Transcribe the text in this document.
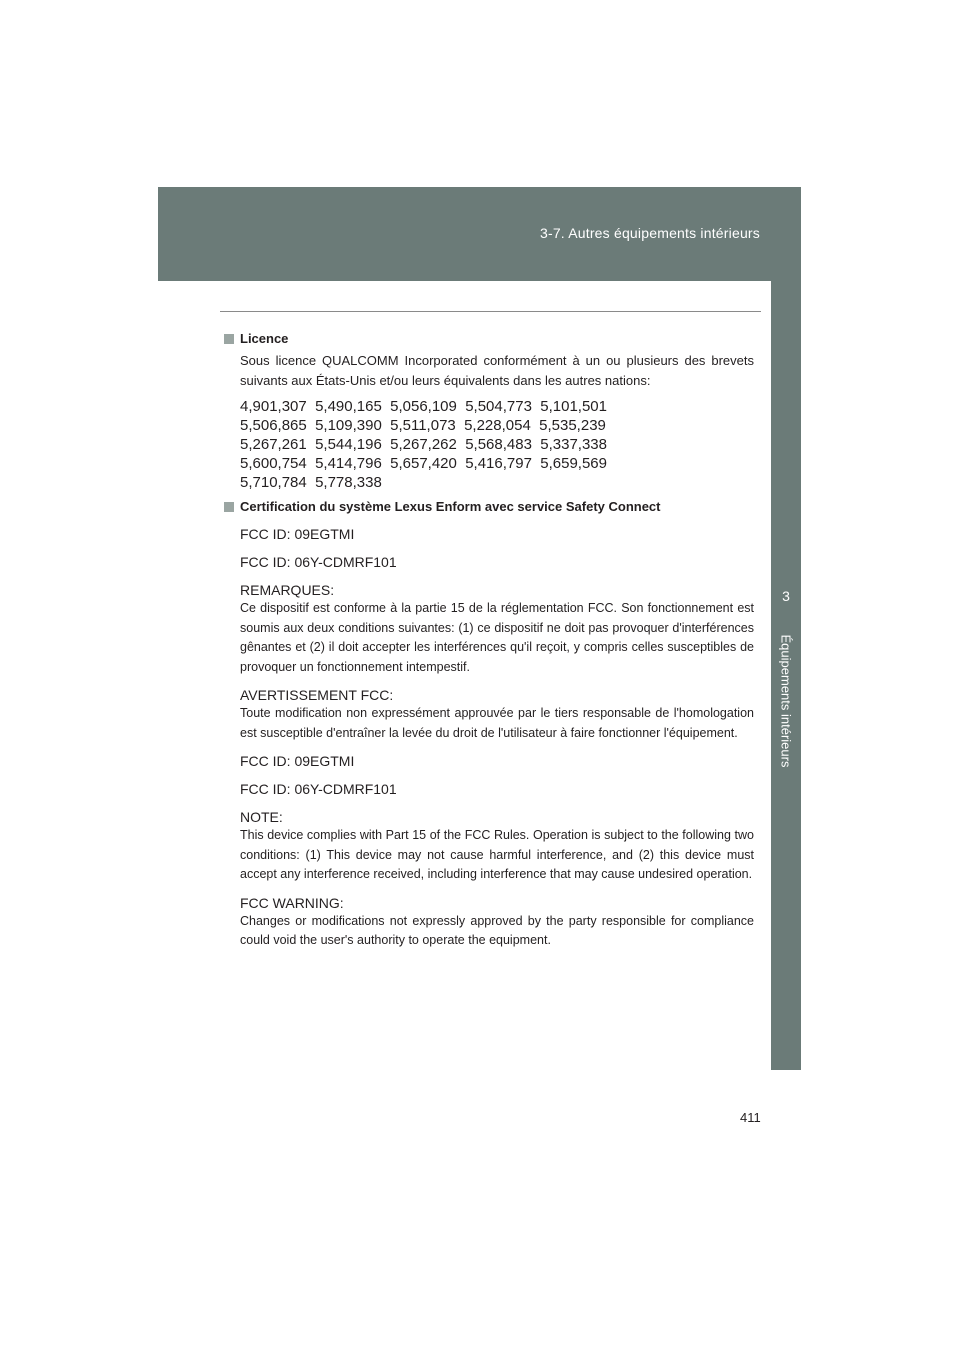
3-7. Autres équipements intérieurs
3
Équipements intérieurs
Licence

Sous licence QUALCOMM Incorporated conformément à un ou plusieurs des brevets suivants aux États-Unis et/ou leurs équivalents dans les autres nations:

4,901,307  5,490,165  5,056,109  5,504,773  5,101,501
5,506,865  5,109,390  5,511,073  5,228,054  5,535,239
5,267,261  5,544,196  5,267,262  5,568,483  5,337,338
5,600,754  5,414,796  5,657,420  5,416,797  5,659,569
5,710,784  5,778,338
Certification du système Lexus Enform avec service Safety Connect

FCC ID: 09EGTMI

FCC ID: 06Y-CDMRF101

REMARQUES:

Ce dispositif est conforme à la partie 15 de la réglementation FCC. Son fonctionnement est soumis aux deux conditions suivantes: (1) ce dispositif ne doit pas provoquer d'interférences gênantes et (2) il doit accepter les interférences qu'il reçoit, y compris celles susceptibles de provoquer un fonctionnement intempestif.

AVERTISSEMENT FCC:

Toute modification non expressément approuvée par le tiers responsable de l'homologation est susceptible d'entraîner la levée du droit de l'utilisateur à faire fonctionner l'équipement.

FCC ID: 09EGTMI

FCC ID: 06Y-CDMRF101

NOTE:

This device complies with Part 15 of the FCC Rules. Operation is subject to the following two conditions: (1) This device may not cause harmful interference, and (2) this device must accept any interference received, including interference that may cause undesired operation.

FCC WARNING:

Changes or modifications not expressly approved by the party responsible for compliance could void the user's authority to operate the equipment.

411
